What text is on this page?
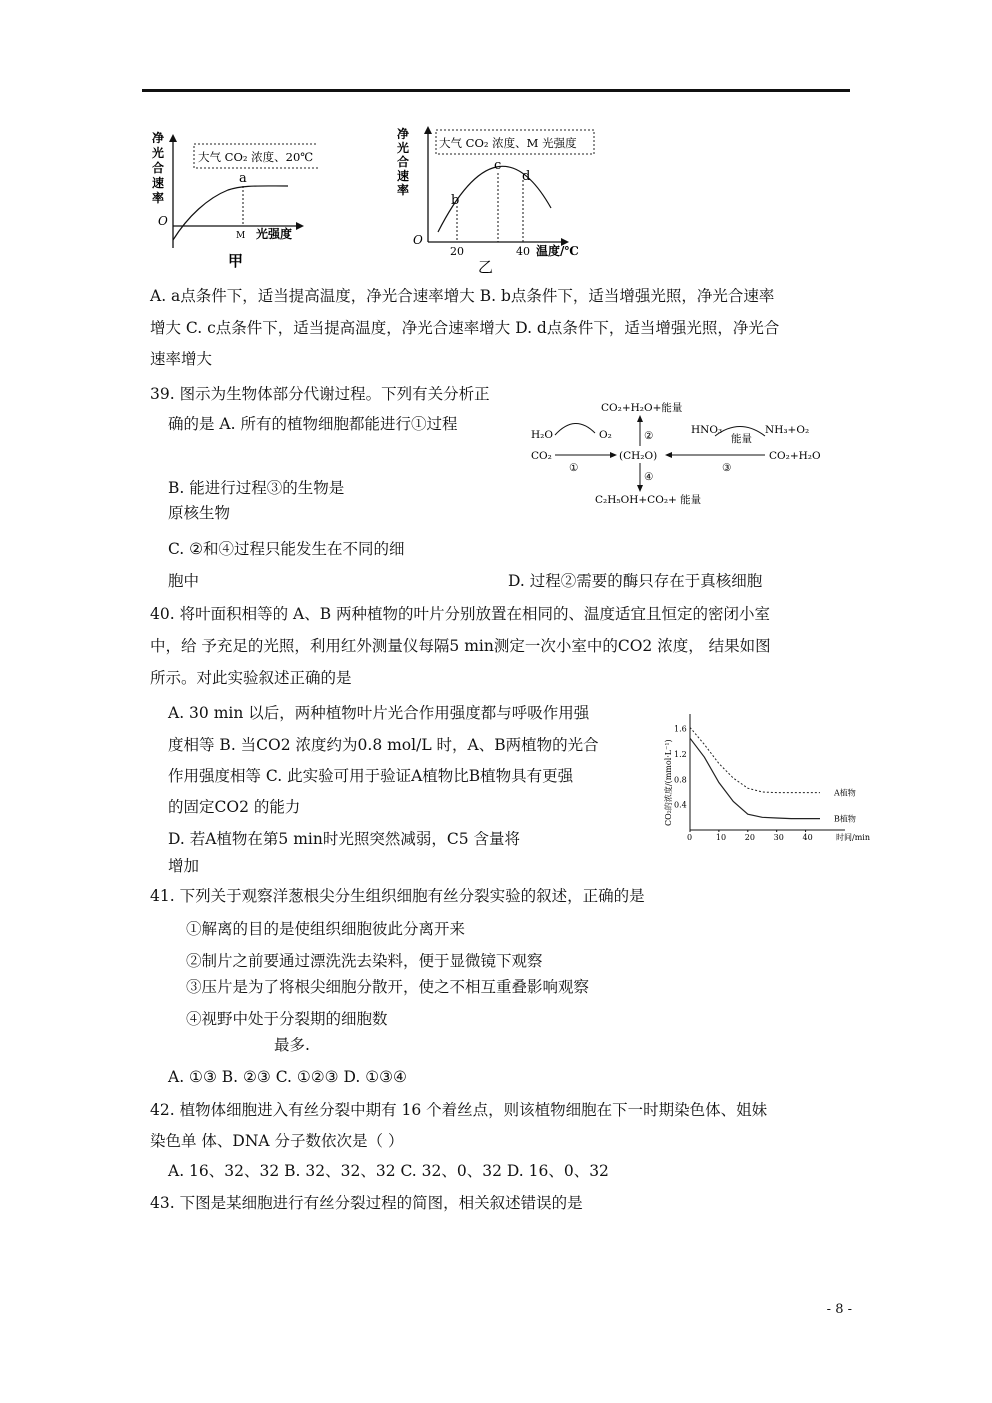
净
光
合
速
率
大气 CO₂ 浓度、20℃
a
O
M 光强度
甲
净
光
合
速
率
大气 CO₂ 浓度、M 光强度
b
c
d
O
20	40 温度/℃
乙
A. a点条件下，适当提高温度，净光合速率增大 B. b点条件下，适当增强光照，净光合速率
增大 C. c点条件下，适当提高温度，净光合速率增大 D. d点条件下，适当增强光照，净光合
速率增大
39. 图示为生物体部分代谢过程。下列有关分析正
确的是 A. 所有的植物细胞都能进行①过程
B. 能进行过程③的生物是
原核生物
C. ②和④过程只能发生在不同的细
胞中	D. 过程②需要的酶只存在于真核细胞
CO₂+H₂O+能量
H₂O
CO₂
O₂
(CH₂O)
①
②
④
③
HNO₃
能量
NH₃+O₂
CO₂+H₂O
C₂H₅OH+CO₂+ 能量
40. 将叶面积相等的 A、B 两种植物的叶片分别放置在相同的、温度适宜且恒定的密闭小室
中，给 予充足的光照，利用红外测量仪每隔5 min测定一次小室中的CO2 浓度， 结果如图
所示。对此实验叙述正确的是
A. 30 min 以后，两种植物叶片光合作用强度都与呼吸作用强
度相等 B. 当CO2 浓度约为0.8 mol/L 时，A、B两植物的光合
作用强度相等 C. 此实验可用于验证A植物比B植物具有更强
的固定CO2 的能力
D. 若A植物在第5 min时光照突然减弱，C5 含量将
增加
CO₂的浓度/(mmol·L⁻¹)
0	10 20 30 40
0.4
0.8
1.2
1.6
A植物
B植物
时间/min
41. 下列关于观察洋葱根尖分生组织细胞有丝分裂实验的叙述，正确的是
①解离的目的是使组织细胞彼此分离开来
②制片之前要通过漂洗洗去染料，便于显微镜下观察
③压片是为了将根尖细胞分散开，使之不相互重叠影响观察
④视野中处于分裂期的细胞数
最多.
A. ①③ B. ②③ C. ①②③ D. ①③④
42. 植物体细胞进入有丝分裂中期有 16 个着丝点，则该植物细胞在下一时期染色体、姐妹
染色单 体、DNA 分子数依次是（ ）
A. 16、32、32 B. 32、32、32 C. 32、0、32 D. 16、0、32
43. 下图是某细胞进行有丝分裂过程的简图，相关叙述错误的是
- 8 -
